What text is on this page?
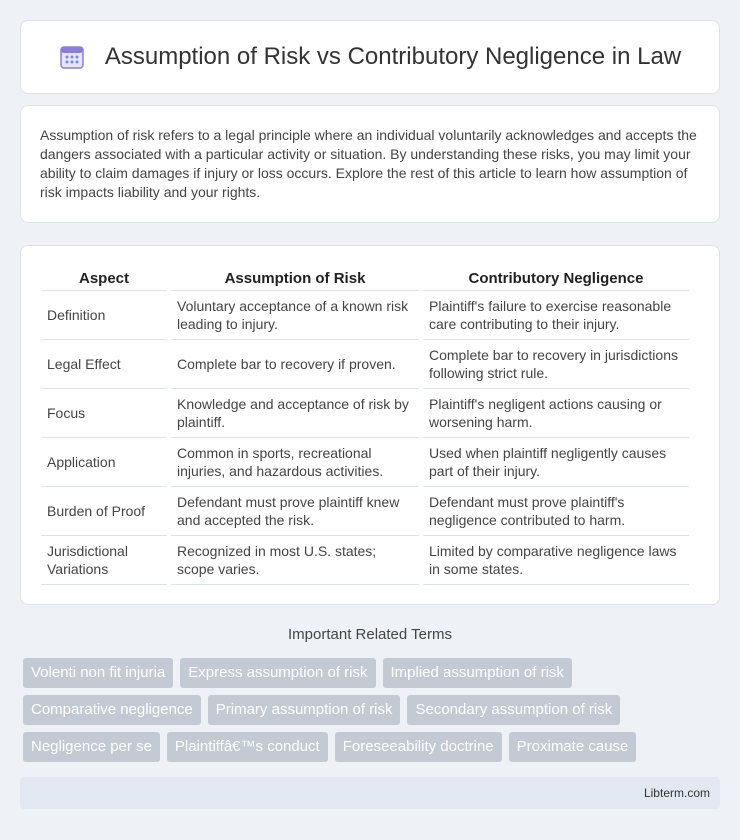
Assumption of Risk vs Contributory Negligence in Law

Assumption of risk refers to a legal principle where an individual voluntarily acknowledges and accepts the dangers associated with a particular activity or situation. By understanding these risks, you may limit your ability to claim damages if injury or loss occurs. Explore the rest of this article to learn how assumption of risk impacts liability and your rights.

Aspect	Assumption of Risk	Contributory Negligence
Definition	Voluntary acceptance of a known risk leading to injury.	Plaintiff's failure to exercise reasonable care contributing to their injury.
Legal Effect	Complete bar to recovery if proven.	Complete bar to recovery in jurisdictions following strict rule.
Focus	Knowledge and acceptance of risk by plaintiff.	Plaintiff's negligent actions causing or worsening harm.
Application	Common in sports, recreational injuries, and hazardous activities.	Used when plaintiff negligently causes part of their injury.
Burden of Proof	Defendant must prove plaintiff knew and accepted the risk.	Defendant must prove plaintiff's negligence contributed to harm.
Jurisdictional Variations	Recognized in most U.S. states; scope varies.	Limited by comparative negligence laws in some states.
Important Related Terms
Volenti non fit injuria	Express assumption of risk	Implied assumption of risk
Comparative negligence	Primary assumption of risk	Secondary assumption of risk
Negligence per se	Plaintiffâ€™s conduct	Foreseeability doctrine	Proximate cause
Libterm.com
